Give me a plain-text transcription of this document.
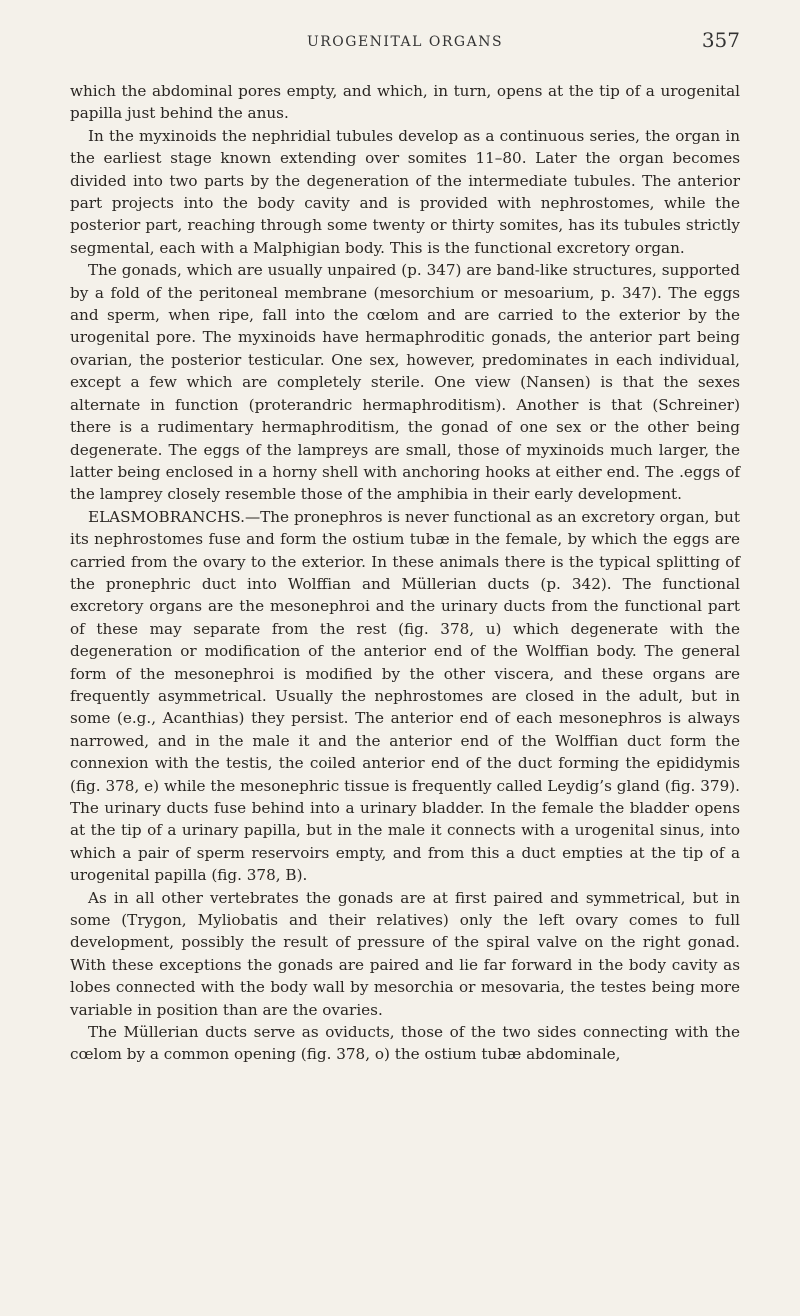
UROGENITAL ORGANS	357

which the abdominal pores empty, and which, in turn, opens at the tip of a urogenital papilla just behind the anus.

In the myxinoids the nephridial tubules develop as a continuous series, the organ in the earliest stage known extending over somites 11–80. Later the organ becomes divided into two parts by the degeneration of the intermediate tubules. The anterior part projects into the body cavity and is provided with nephrostomes, while the posterior part, reaching through some twenty or thirty somites, has its tubules strictly segmental, each with a Malphigian body. This is the functional excretory organ.

The gonads, which are usually unpaired (p. 347) are band-like structures, supported by a fold of the peritoneal membrane (mesorchium or mesoarium, p. 347). The eggs and sperm, when ripe, fall into the cœlom and are carried to the exterior by the urogenital pore. The myxinoids have hermaphroditic gonads, the anterior part being ovarian, the posterior testicular. One sex, however, predominates in each individual, except a few which are completely sterile. One view (Nansen) is that the sexes alternate in function (proterandric hermaphroditism). Another is that (Schreiner) there is a rudimentary hermaphroditism, the gonad of one sex or the other being degenerate. The eggs of the lampreys are small, those of myxinoids much larger, the latter being enclosed in a horny shell with anchoring hooks at either end. The .eggs of the lamprey closely resemble those of the amphibia in their early development.

ELASMOBRANCHS.—The pronephros is never functional as an excretory organ, but its nephrostomes fuse and form the ostium tubæ in the female, by which the eggs are carried from the ovary to the exterior. In these animals there is the typical splitting of the pronephric duct into Wolffian and Müllerian ducts (p. 342). The functional excretory organs are the mesonephroi and the urinary ducts from the functional part of these may separate from the rest (fig. 378, u) which degenerate with the degeneration or modification of the anterior end of the Wolffian body. The general form of the mesonephroi is modified by the other viscera, and these organs are frequently asymmetrical. Usually the nephrostomes are closed in the adult, but in some (e.g., Acanthias) they persist. The anterior end of each mesonephros is always narrowed, and in the male it and the anterior end of the Wolffian duct form the connexion with the testis, the coiled anterior end of the duct forming the epididymis (fig. 378, e) while the mesonephric tissue is frequently called Leydig’s gland (fig. 379). The urinary ducts fuse behind into a urinary bladder. In the female the bladder opens at the tip of a urinary papilla, but in the male it connects with a urogenital sinus, into which a pair of sperm reservoirs empty, and from this a duct empties at the tip of a urogenital papilla (fig. 378, B).

As in all other vertebrates the gonads are at first paired and symmetrical, but in some (Trygon, Myliobatis and their relatives) only the left ovary comes to full development, possibly the result of pressure of the spiral valve on the right gonad. With these exceptions the gonads are paired and lie far forward in the body cavity as lobes connected with the body wall by mesorchia or mesovaria, the testes being more variable in position than are the ovaries.

The Müllerian ducts serve as oviducts, those of the two sides connecting with the cœlom by a common opening (fig. 378, o) the ostium tubæ abdominale,
